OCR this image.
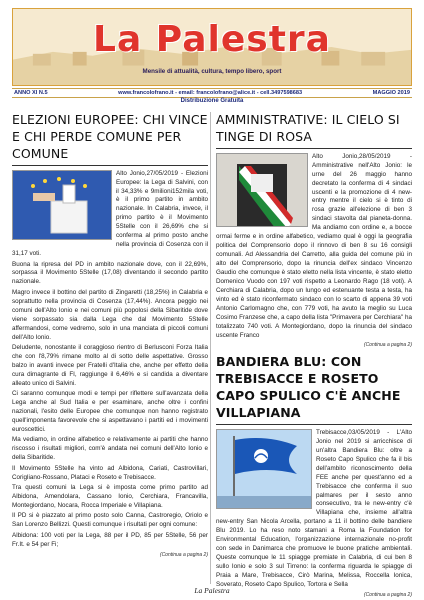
La Palestra
Mensile di attualità, cultura, tempo libero, sport
ANNO XI N.5	www.francolofrano.it - email: francolofrano@alice.it - cell.3497598683	MAGGIO 2019
Distribuzione Gratuita
ELEZIONI EUROPEE: CHI VINCE E CHI PERDE COMUNE PER COMUNE

Alto Jonio,27/05/2019 - Elezioni Europee: la Lega di Salvini, con il 34,33% e 9milioni152mila voti, è il primo partito in ambito nazionale. In Calabria, invece, il primo partito è il Movimento 5Stelle con il 26,69% che si conferma al primo posto anche nella provincia di Cosenza con il 31,17 voti.

Buona la ripresa del PD in ambito nazionale dove, con il 22,69%, sorpassa il Movimento 5Stelle (17,08) diventando il secondo partito nazionale.

Magro invece il bottino del partito di Zingaretti (18,25%) in Calabria e soprattutto nella provincia di Cosenza (17,44%). Ancora peggio nei comuni dell'Alto Ionio e nei comuni più popolosi della Sibaritide dove viene sorpassato sia dalla Lega che dal Movimento 5Stelle affermandosi, come vedremo, solo in una manciata di piccoli comuni dell'Alto Ionio.

Deludente, nonostante il coraggioso rientro di Berlusconi Forza Italia che con l'8,79% rimane molto al di sotto delle aspettative. Grosso balzo in avanti invece per Fratelli d'Italia che, anche per effetto della cura dimagrante di FI, raggiunge il 6,46% e si candida a diventare alleato unico di Salvini.

Ci saranno comunque modi e tempi per riflettere sull'avanzata della Lega anche al Sud Italia e per esaminare, anche oltre i confini nazionali, l'esito delle Europee che comunque non hanno registrato quell'imponenta favorevole che si aspettavano i partiti ed i movimenti euroscettici.

Ma vediamo, in ordine alfabetico e relativamente ai partiti che hanno riscosso i risultati migliori, com'è andata nei comuni dell'Alto Ionio e della Sibaritide.

Il Movimento 5Stelle ha vinto ad Albidona, Cariati, Castrovillari, Corigliano-Rossano, Plataci e Roseto e Trebisacce.

Tra questi comuni la Lega si è imposta come primo partito ad Albidona, Amendolara, Cassano Ionio, Cerchiara, Francavilla, Montegiordano, Nocara, Rocca Imperiale e Villapiana.

Il PD si è piazzato al primo posto solo Canna, Castroregio, Oriolo e San Lorenzo Bellizzi. Questi comunque i risultati per ogni comune:

Albidona: 100 voti per la Lega, 88 per il PD, 85 per 5Stelle, 56 per Fr.It. e 54 per Fi;

(Continua a pagina 2)
AMMINISTRATIVE: IL CIELO SI TINGE DI ROSA

Alto Jonio,28/05/2019 - Amministrative nell'Alto Jonio: le urne del 26 maggio hanno decretato la conferma di 4 sindaci uscenti e la promozione di 4 new-entry mentre il cielo si è tinto di rosa grazie all'elezione di ben 3 sindaci stavolta dal pianeta-donna. Ma andiamo con ordine e, a bocce ormai ferme e in ordine alfabetico, vediamo qual è oggi la geografia politica del Comprensorio dopo il rinnovo di ben 8 su 16 consigli comunali. Ad Alessandria del Carretto, alla guida del comune più in alto del Comprensorio, dopo la rinuncia dell'ex sindaco Vincenzo Gaudio che comunque è stato eletto nella lista vincente, è stato eletto Domenico Vuodo con 197 voti rispetto a Leonardo Rago (18 voti). A Cerchiara di Calabria, dopo un lungo ed estenuante testa a testa, ha vinto ed è stato riconfermato sindaco con lo scarto di appena 39 voti Antonio Carlomagno che, con 779 voti, ha avuto la meglio su Luca Cosimo Franzese che, a capo della lista "Primavera per Cerchiara" ha totalizzato 740 voti. A Montegiordano, dopo la rinuncia del sindaco uscente Franco

(Continua a pagina 2)
BANDIERA BLU: CON TREBISACCE E ROSETO CAPO SPULICO C'È ANCHE VILLAPIANA

Trebisacce,03/05/2019 - L'Alto Jonio nel 2019 si arricchisce di un'altra Bandiera Blu: oltre a Roseto Capo Spulico che fa il bis dell'ambito riconoscimento della FEE anche per quest'anno ed a Trebisacce che conferma il suo palmares per il sesto anno consecutivo, tra le new-entry c'è Villapiana che, insieme all'altra new-entry San Nicola Arcella, portano a 11 il bottino delle bandiere Blu 2019. Lo ha reso noto stamani a Roma la Foundation for Environmental Education, l'organizzazione internazionale no-profit con sede in Danimarca che promuove le buone pratiche ambientali. Queste comunque le 11 spiagge premiate in Calabria, di cui ben 8 sullo Ionio e solo 3 sul Tirreno: la conferma riguarda le spiagge di Praia a Mare, Trebisacce, Cirò Marina, Melissa, Roccella Ionica, Soverato, Roseto Capo Spulico, Tortora e Sella

(Continua a pagina 2)
La Palestra
